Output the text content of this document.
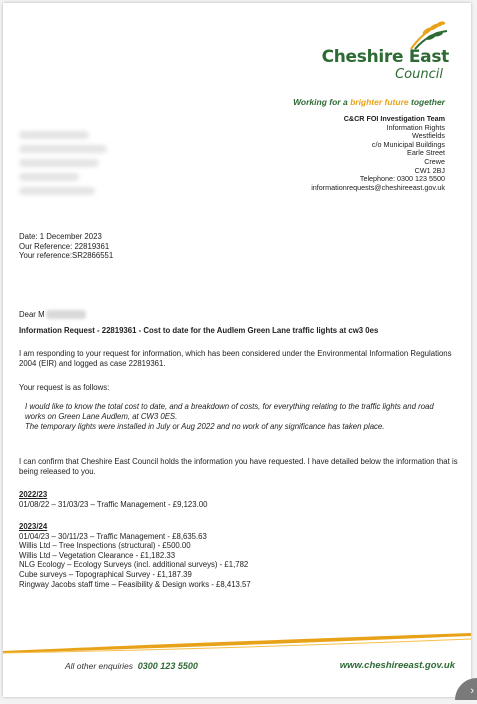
Cheshire East
Council
Working for a brighter future together
C&CR FOI Investigation Team
Information Rights
Westfields
c/o Municipal Buildings
Earle Street
Crewe
CW1 2BJ
Telephone: 0300 123 5500
informationrequests@cheshireeast.gov.uk
Date: 1 December 2023
Our Reference: 22819361
Your reference:SR2866551
Dear M
Information Request - 22819361 - Cost to date for the Audlem Green Lane traffic lights at cw3 0es
I am responding to your request for information, which has been considered under the Environmental Information Regulations 2004 (EIR) and logged as case 22819361.
Your request is as follows:
I would like to know the total cost to date, and a breakdown of costs, for everything relating to the traffic lights and road works on Green Lane Audlem, at CW3 0ES.
The temporary lights were installed in July or Aug 2022 and no work of any significance has taken place.
I can confirm that Cheshire East Council holds the information you have requested. I have detailed below the information that is being released to you.
2022/23
01/08/22 – 31/03/23 – Traffic Management - £9,123.00
2023/24
01/04/23 – 30/11/23 – Traffic Management - £8,635.63
Willis Ltd – Tree Inspections (structural) - £500.00
Willis Ltd – Vegetation Clearance - £1,182.33
NLG Ecology – Ecology Surveys (incl. additional surveys) - £1,782
Cube surveys – Topographical Survey - £1,187.39
Ringway Jacobs staff time – Feasibility & Design works - £8,413.57
All other enquiries 0300 123 5500	www.cheshireeast.gov.uk
›
